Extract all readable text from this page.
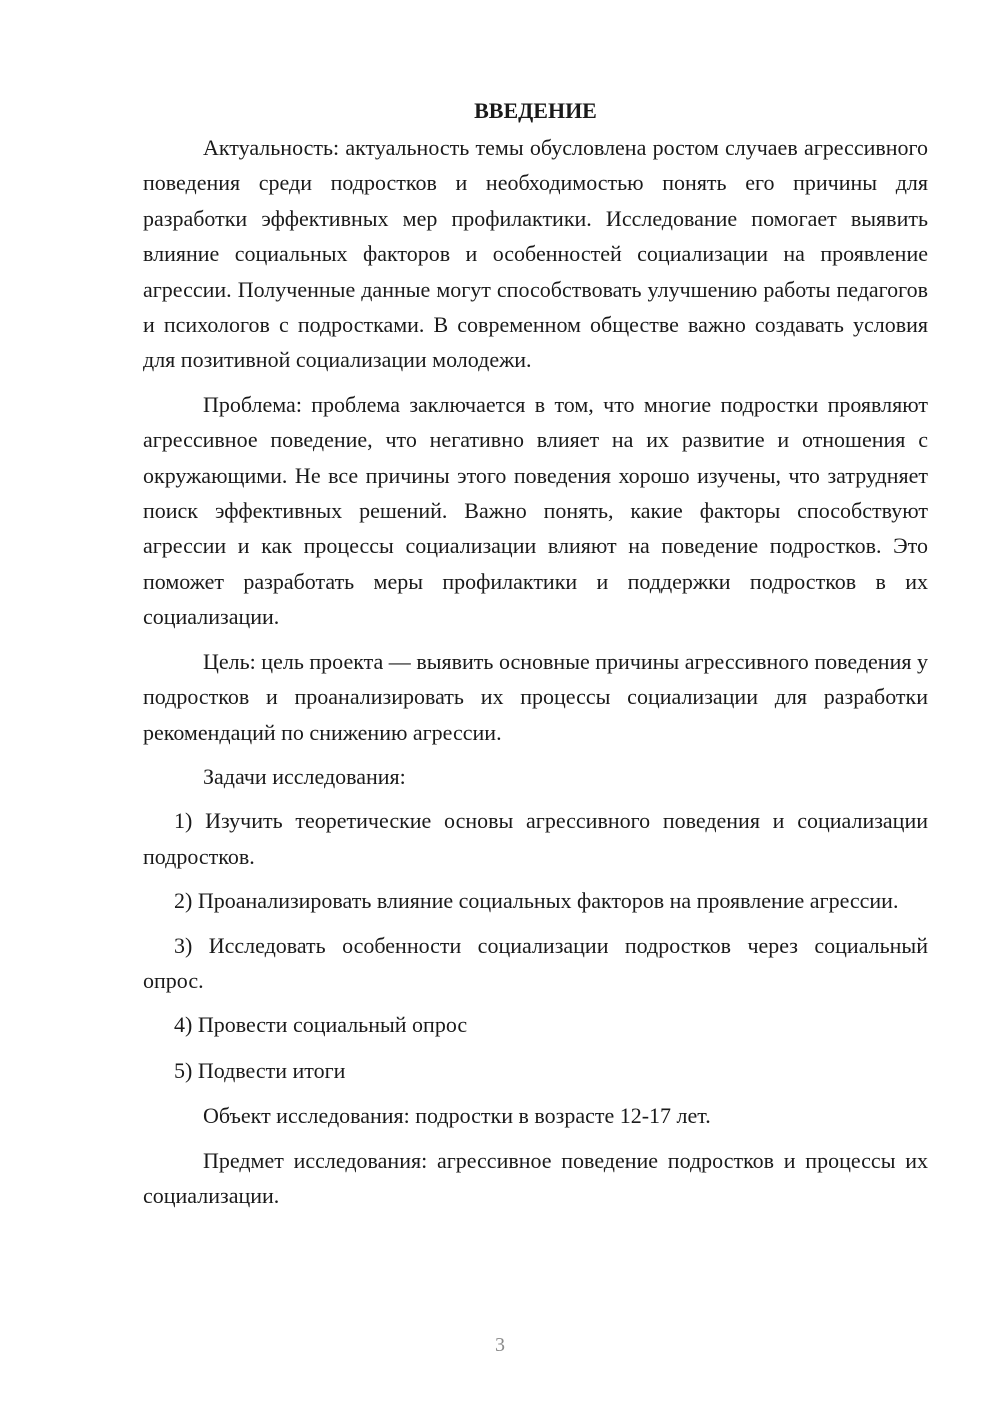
ВВЕДЕНИЕ

Актуальность: актуальность темы обусловлена ростом случаев агрессивного поведения среди подростков и необходимостью понять его причины для разработки эффективных мер профилактики. Исследование помогает выявить влияние социальных факторов и особенностей социализации на проявление агрессии. Полученные данные могут способствовать улучшению работы педагогов и психологов с подростками. В современном обществе важно создавать условия для позитивной социализации молодежи.

Проблема: проблема заключается в том, что многие подростки проявляют агрессивное поведение, что негативно влияет на их развитие и отношения с окружающими. Не все причины этого поведения хорошо изучены, что затрудняет поиск эффективных решений. Важно понять, какие факторы способствуют агрессии и как процессы социализации влияют на поведение подростков. Это поможет разработать меры профилактики и поддержки подростков в их социализации.

Цель: цель проекта — выявить основные причины агрессивного поведения у подростков и проанализировать их процессы социализации для разработки рекомендаций по снижению агрессии.

Задачи исследования:

1) Изучить теоретические основы агрессивного поведения и социализации подростков.

2) Проанализировать влияние социальных факторов на проявление агрессии.

3) Исследовать особенности социализации подростков через социальный опрос.

4) Провести социальный опрос

5) Подвести итоги

Объект исследования: подростки в возрасте 12-17 лет.

Предмет исследования: агрессивное поведение подростков и процессы их социализации.

3
